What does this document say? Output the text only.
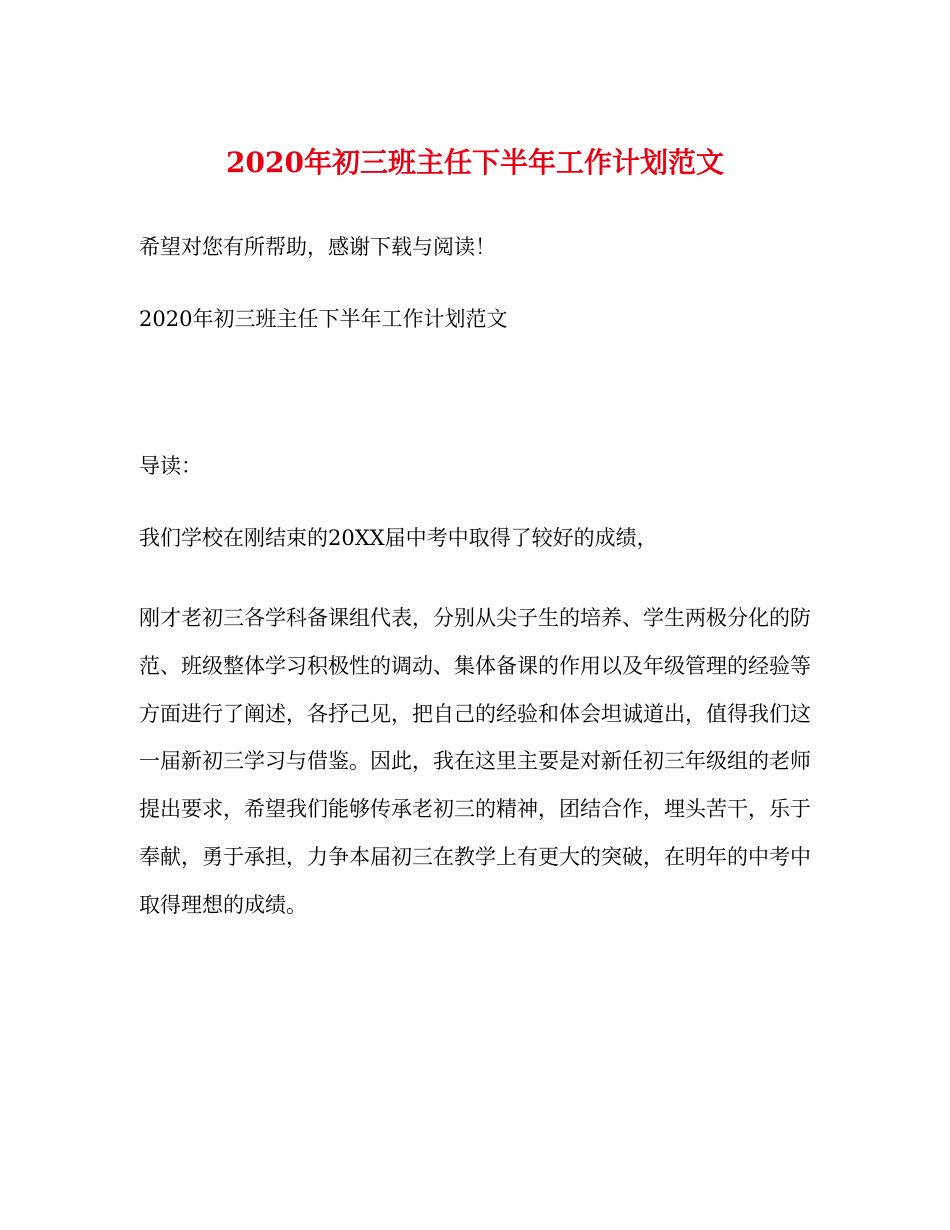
2020年初三班主任下半年工作计划范文
希望对您有所帮助，感谢下载与阅读！
2020年初三班主任下半年工作计划范文
导读：
我们学校在刚结束的20XX届中考中取得了较好的成绩，
刚才老初三各学科备课组代表，分别从尖子生的培养、学生两极分化的防范、班级整体学习积极性的调动、集体备课的作用以及年级管理的经验等方面进行了阐述，各抒己见，把自己的经验和体会坦诚道出，值得我们这一届新初三学习与借鉴。因此，我在这里主要是对新任初三年级组的老师提出要求，希望我们能够传承老初三的精神，团结合作，埋头苦干，乐于奉献，勇于承担，力争本届初三在教学上有更大的突破，在明年的中考中取得理想的成绩。
